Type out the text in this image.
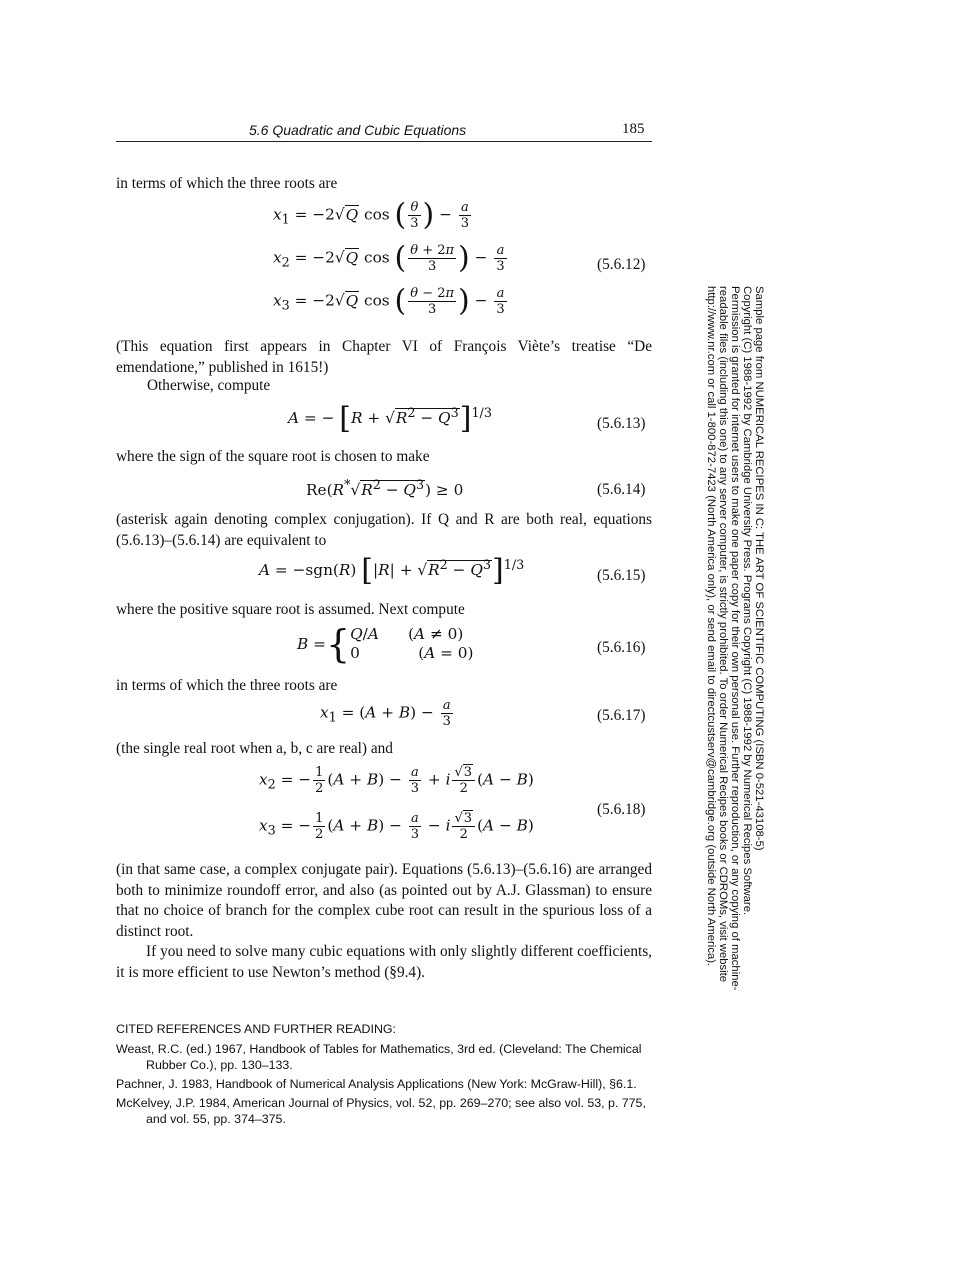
5.6 Quadratic and Cubic Equations	185
in terms of which the three roots are
$x_1 = -2√Q$ cos ( $\frac{\theta}{3}$ ) − $\frac{a}{3}$
$x_2 = -2√Q$ cos ( $\frac{\theta + 2\pi}{3}$ ) − $\frac{a}{3}$
$x_3 = -2√Q$ cos ( $\frac{\theta - 2\pi}{3}$ ) − $\frac{a}{3}$
(5.6.12)
(This equation first appears in Chapter VI of François Viète’s treatise “De emendatione,” published in 1615!)
Otherwise, compute
A = − $[R + √R^2 - Q^3]^{1/3}$
(5.6.13)
where the sign of the square root is chosen to make
$Re(R^*√R^2 - Q^3) \ge 0$	(5.6.14)
(asterisk again denoting complex conjugation). If Q and R are both real, equations (5.6.13)–(5.6.14) are equivalent to
A = −sgn(R) $[|R| + √R^2 - Q^3]^{1/3}$
(5.6.15)
where the positive square root is assumed. Next compute
B ={Q/A      (A ≠ 0)
0            (A = 0)	(5.6.16)
in terms of which the three roots are
$x_1 = (A + B) - \frac{a}{3}$	(5.6.17)
(the single real root when a, b, c are real) and
$x_2$ = − $\frac{1}{2} (A + B) - \frac{a}{3} + i \frac{√3}{2} (A - B)$
$x_3$ = − $\frac{1}{2} (A + B) - \frac{a}{3} - i \frac{√3}{2} (A - B)$
(5.6.18)
(in that same case, a complex conjugate pair). Equations (5.6.13)–(5.6.16) are arranged both to minimize roundoff error, and also (as pointed out by A.J. Glassman) to ensure that no choice of branch for the complex cube root can result in the spurious loss of a distinct root.
If you need to solve many cubic equations with only slightly different coefficients, it is more efficient to use Newton’s method (§9.4).
CITED REFERENCES AND FURTHER READING:
Weast, R.C. (ed.) 1967, Handbook of Tables for Mathematics, 3rd ed. (Cleveland: The Chemical Rubber Co.), pp. 130–133.
Pachner, J. 1983, Handbook of Numerical Analysis Applications (New York: McGraw-Hill), §6.1.
McKelvey, J.P. 1984, American Journal of Physics, vol. 52, pp. 269–270; see also vol. 53, p. 775, and vol. 55, pp. 374–375.
Sample page from NUMERICAL RECIPES IN C: THE ART OF SCIENTIFIC COMPUTING (ISBN 0-521-43108-5)
Copyright (C) 1988-1992 by Cambridge University Press. Programs Copyright (C) 1988-1992 by Numerical Recipes Software.
Permission is granted for internet users to make one paper copy for their own personal use. Further reproduction, or any copying of machine-
readable files (including this one) to any server computer, is strictly prohibited. To order Numerical Recipes books or CDROMs, visit website
http://www.nr.com or call 1-800-872-7423 (North America only), or send email to directcustserv@cambridge.org (outside North America).
